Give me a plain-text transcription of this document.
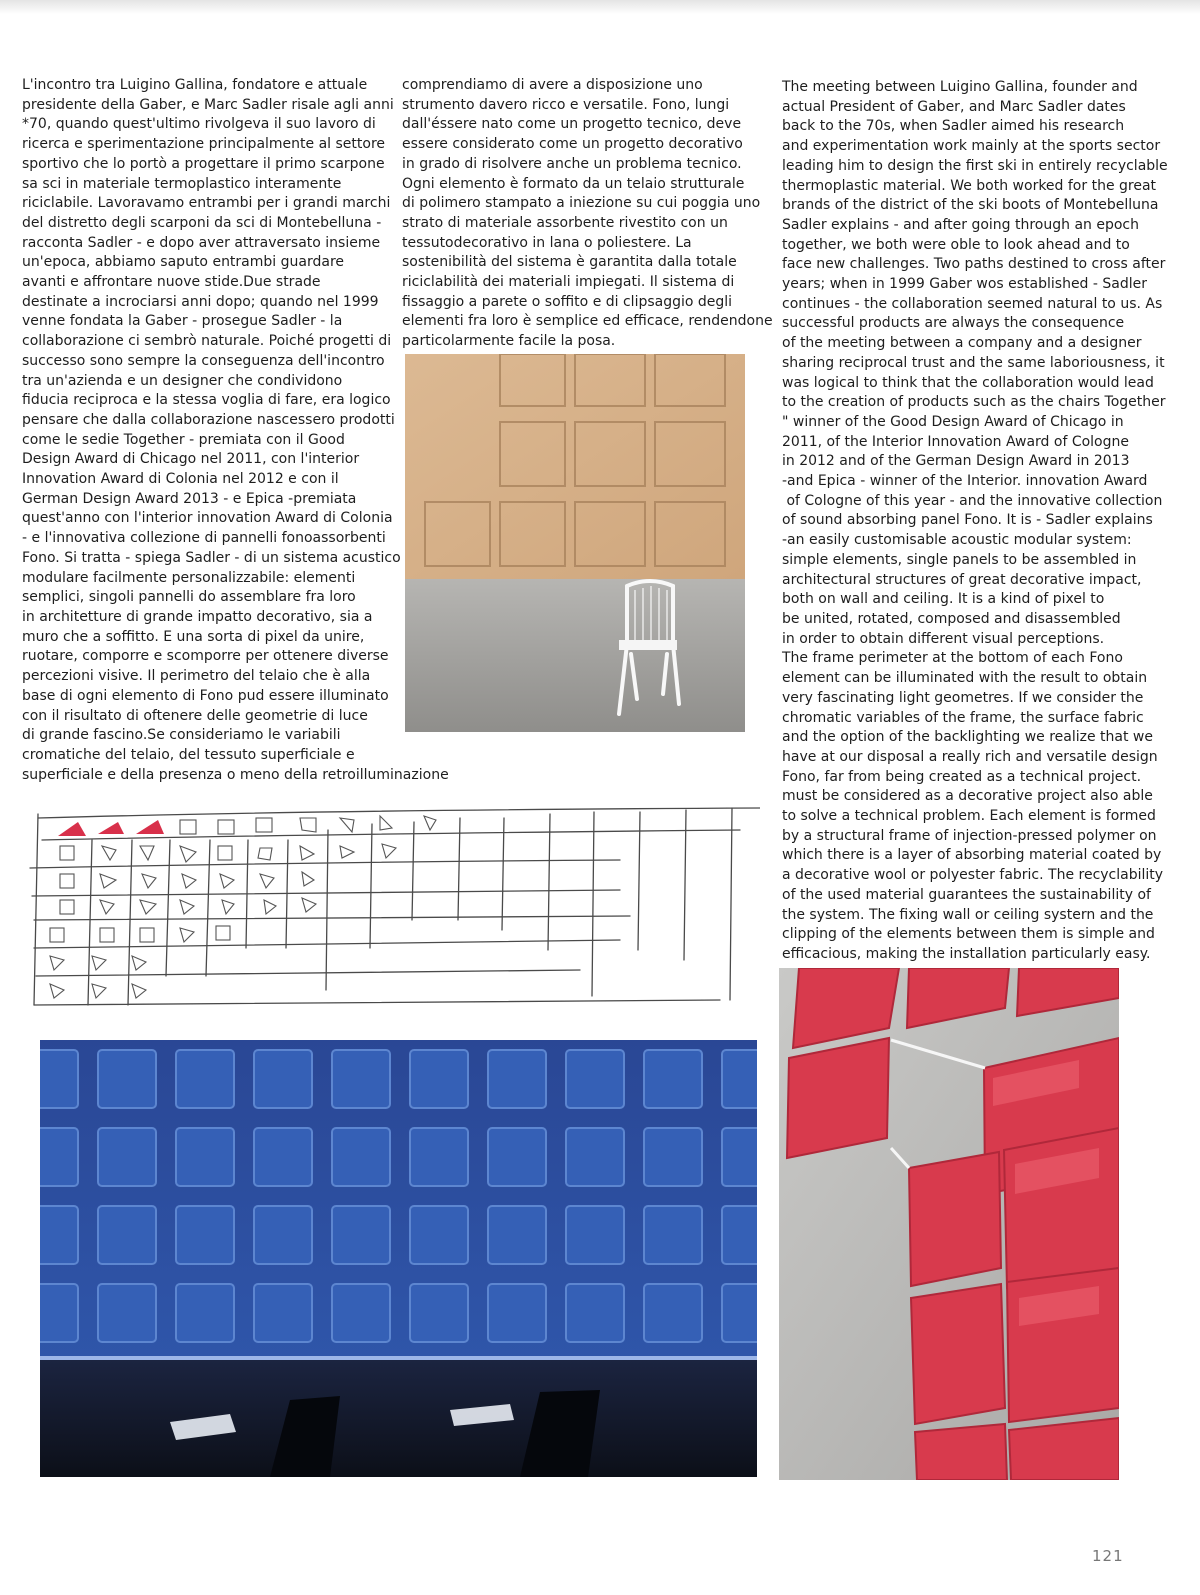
L'incontro tra Luigino Gallina, fondatore e attuale
presidente della Gaber, e Marc Sadler risale agli anni
*70, quando quest'ultimo rivolgeva il suo lavoro di
ricerca e sperimentazione principalmente al settore
sportivo che lo portò a progettare il primo scarpone
sa sci in materiale termoplastico interamente
riciclabile. Lavoravamo entrambi per i grandi marchi
del distretto degli scarponi da sci di Montebelluna -
racconta Sadler - e dopo aver attraversato insieme
un'epoca, abbiamo saputo entrambi guardare
avanti e affrontare nuove stide.Due strade
destinate a incrociarsi anni dopo; quando nel 1999
venne fondata la Gaber - prosegue Sadler - la
collaborazione ci sembrò naturale. Poiché progetti di
successo sono sempre la conseguenza dell'incontro
tra un'azienda e un designer che condividono
fiducia reciproca e la stessa voglia di fare, era logico
pensare che dalla collaborazione nascessero prodotti
come le sedie Together - premiata con il Good
Design Award di Chicago nel 2011, con l'interior
Innovation Award di Colonia nel 2012 e con il
German Design Award 2013 - e Epica -premiata
quest'anno con l'interior innovation Award di Colonia
- e l'innovativa collezione di pannelli fonoassorbenti
Fono. Si tratta - spiega Sadler - di un sistema acustico
modulare facilmente personalizzabile: elementi
semplici, singoli pannelli do assemblare fra loro
in architetture di grande impatto decorativo, sia a
muro che a soffitto. E una sorta di pixel da unire,
ruotare, comporre e scomporre per ottenere diverse
percezioni visive. Il perimetro del telaio che è alla
base di ogni elemento di Fono pud essere illuminato
con il risultato di oftenere delle geometrie di luce
di grande fascino.Se consideriamo le variabili
cromatiche del telaio, del tessuto superficiale e
superficiale e della presenza o meno della retroilluminazione
comprendiamo di avere a disposizione uno
strumento davero ricco e versatile. Fono, lungi
dall'éssere nato come un progetto tecnico, deve
essere considerato come un progetto decorativo
in grado di risolvere anche un problema tecnico.
Ogni elemento è formato da un telaio strutturale
di polimero stampato a iniezione su cui poggia uno
strato di materiale assorbente rivestito con un
tessutodecorativo in lana o poliestere. La
sostenibilità del sistema è garantita dalla totale
riciclabilità dei materiali impiegati. Il sistema di
fissaggio a parete o soffito e di clipsaggio degli
elementi fra loro è semplice ed efficace, rendendone
particolarmente facile la posa.
The meeting between Luigino Gallina, founder and
actual President of Gaber, and Marc Sadler dates
back to the 70s, when Sadler aimed his research
and experimentation work mainly at the sports sector
leading him to design the first ski in entirely recyclable
thermoplastic material. We both worked for the great
brands of the district of the ski boots of Montebelluna
Sadler explains - and after going through an epoch
together, we both were oble to look ahead and to
face new challenges. Two paths destined to cross after
years; when in 1999 Gaber wos established - Sadler
continues - the collaboration seemed natural to us. As
successful products are always the consequence
of the meeting between a company and a designer
sharing reciprocal trust and the same laboriousness, it
was logical to think that the collaboration would lead
to the creation of products such as the chairs Together
" winner of the Good Design Award of Chicago in
2011, of the Interior Innovation Award of Cologne
in 2012 and of the German Design Award in 2013
-and Epica - winner of the Interior. innovation Award
of Cologne of this year - and the innovative collection
of sound absorbing panel Fono. It is - Sadler explains
-an easily customisable acoustic modular system:
simple elements, single panels to be assembled in
architectural structures of great decorative impact,
both on wall and ceiling. It is a kind of pixel to
be united, rotated, composed and disassembled
in order to obtain different visual perceptions.
The frame perimeter at the bottom of each Fono
element can be illuminated with the result to obtain
very fascinating light geometres. If we consider the
chromatic variables of the frame, the surface fabric
and the option of the backlighting we realize that we
have at our disposal a really rich and versatile design
Fono, far from being created as a technical project.
must be considered as a decorative project also able
to solve a technical problem. Each element is formed
by a structural frame of injection-pressed polymer on
which there is a layer of absorbing material coated by
a decorative wool or polyester fabric. The recyclability
of the used material guarantees the sustainability of
the system. The fixing wall or ceiling systern and the
clipping of the elements between them is simple and
efficacious, making the installation particularly easy.
121
